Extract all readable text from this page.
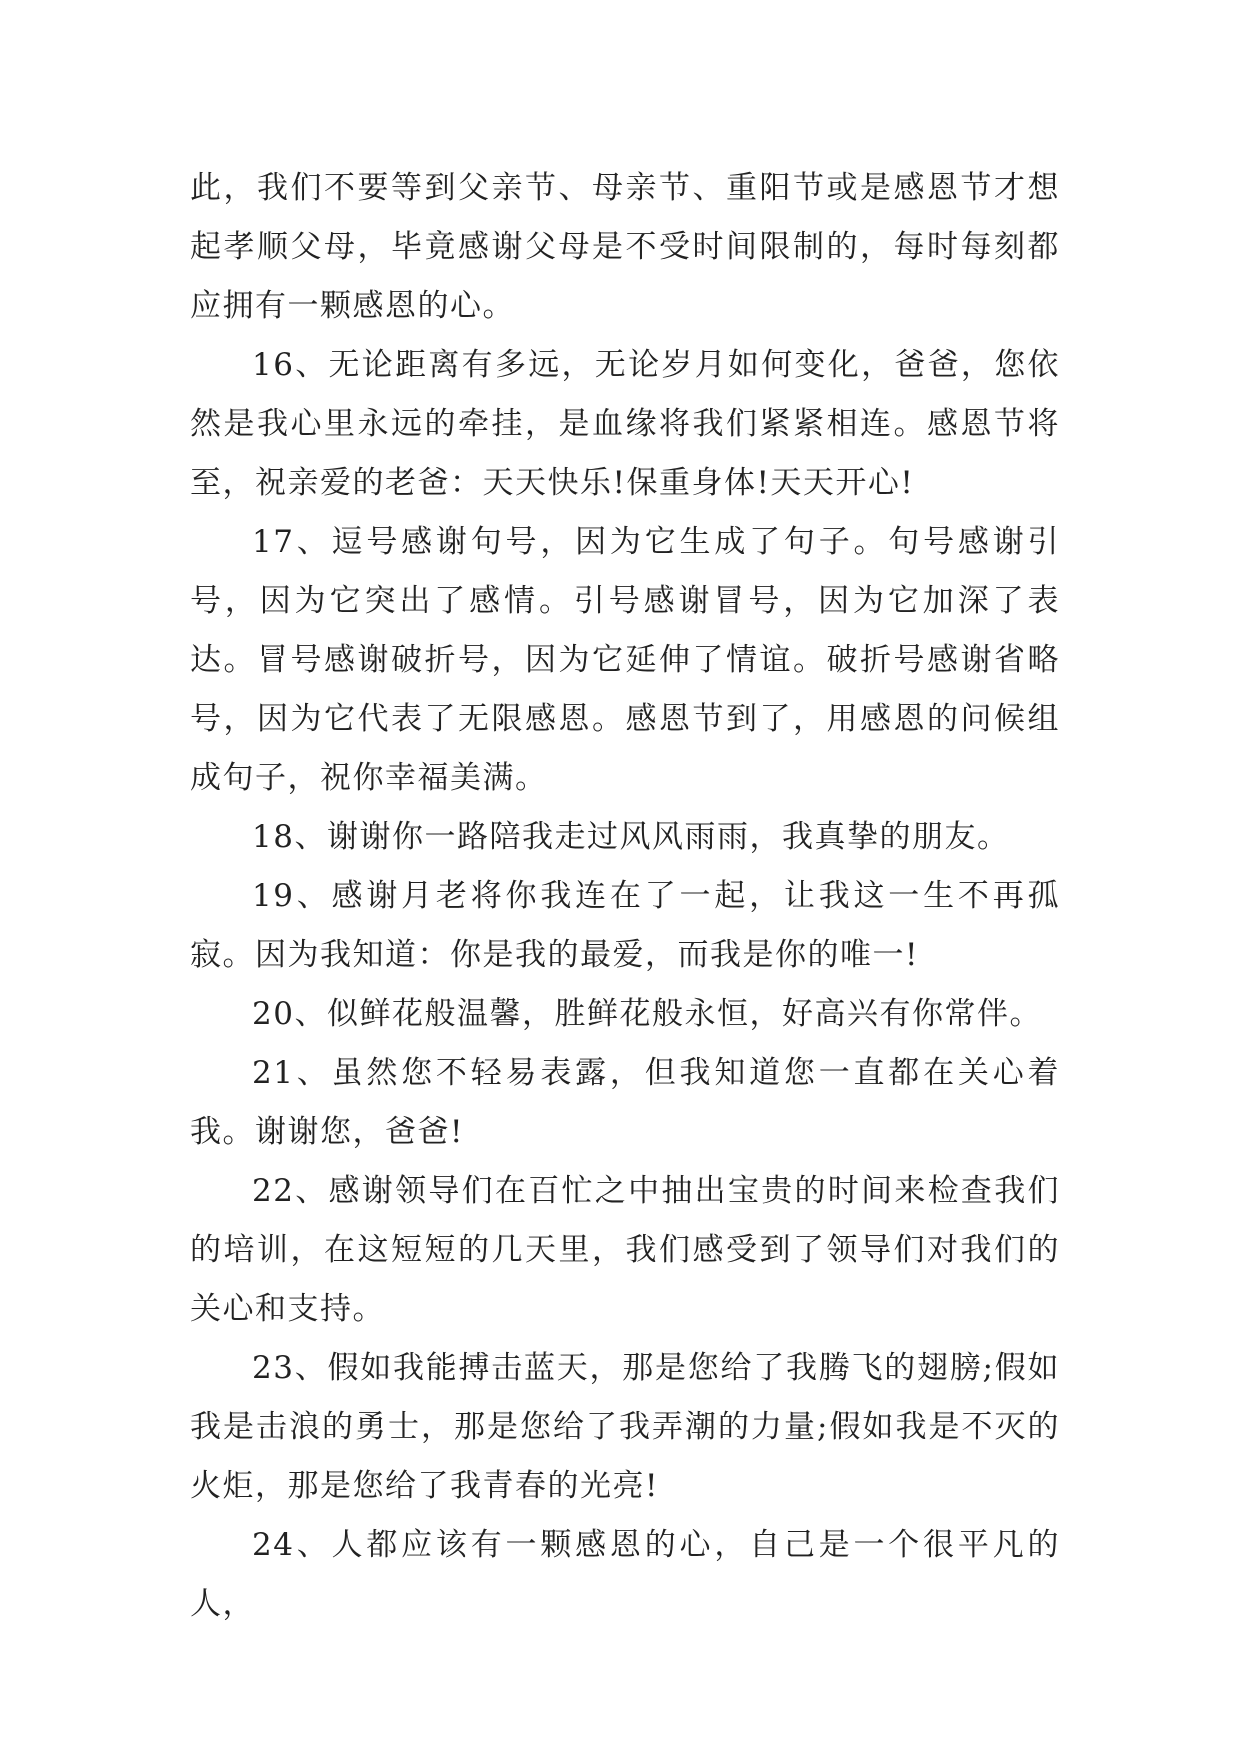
此，我们不要等到父亲节、母亲节、重阳节或是感恩节才想起孝顺父母，毕竟感谢父母是不受时间限制的，每时每刻都应拥有一颗感恩的心。

16、无论距离有多远，无论岁月如何变化，爸爸，您依然是我心里永远的牵挂，是血缘将我们紧紧相连。感恩节将至，祝亲爱的老爸：天天快乐!保重身体!天天开心!

17、逗号感谢句号，因为它生成了句子。句号感谢引号，因为它突出了感情。引号感谢冒号，因为它加深了表达。冒号感谢破折号，因为它延伸了情谊。破折号感谢省略号，因为它代表了无限感恩。感恩节到了，用感恩的问候组成句子，祝你幸福美满。

18、谢谢你一路陪我走过风风雨雨，我真挚的朋友。

19、感谢月老将你我连在了一起，让我这一生不再孤寂。因为我知道：你是我的最爱，而我是你的唯一!

20、似鲜花般温馨，胜鲜花般永恒，好高兴有你常伴。

21、虽然您不轻易表露，但我知道您一直都在关心着我。谢谢您，爸爸!

22、感谢领导们在百忙之中抽出宝贵的时间来检查我们的培训，在这短短的几天里，我们感受到了领导们对我们的关心和支持。

23、假如我能搏击蓝天，那是您给了我腾飞的翅膀;假如我是击浪的勇士，那是您给了我弄潮的力量;假如我是不灭的火炬，那是您给了我青春的光亮!

24、人都应该有一颗感恩的心，自己是一个很平凡的人，
